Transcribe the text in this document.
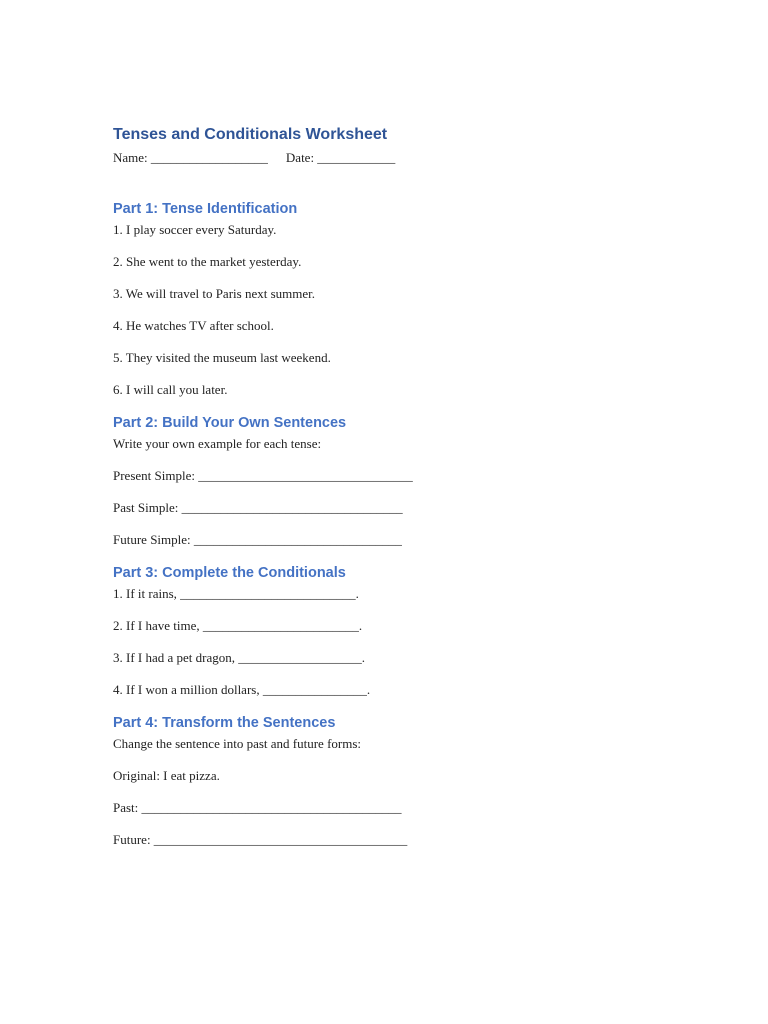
Tenses and Conditionals Worksheet
Name: __________________ Date: ____________
Part 1: Tense Identification

1. I play soccer every Saturday.

2. She went to the market yesterday.

3. We will travel to Paris next summer.

4. He watches TV after school.

5. They visited the museum last weekend.

6. I will call you later.

Part 2: Build Your Own Sentences

Write your own example for each tense:

Present Simple: _________________________________

Past Simple: __________________________________

Future Simple: ________________________________

Part 3: Complete the Conditionals

1. If it rains, ___________________________.

2. If I have time, ________________________.

3. If I had a pet dragon, ___________________.

4. If I won a million dollars, ________________.

Part 4: Transform the Sentences

Change the sentence into past and future forms:

Original: I eat pizza.

Past: ________________________________________

Future: _______________________________________
